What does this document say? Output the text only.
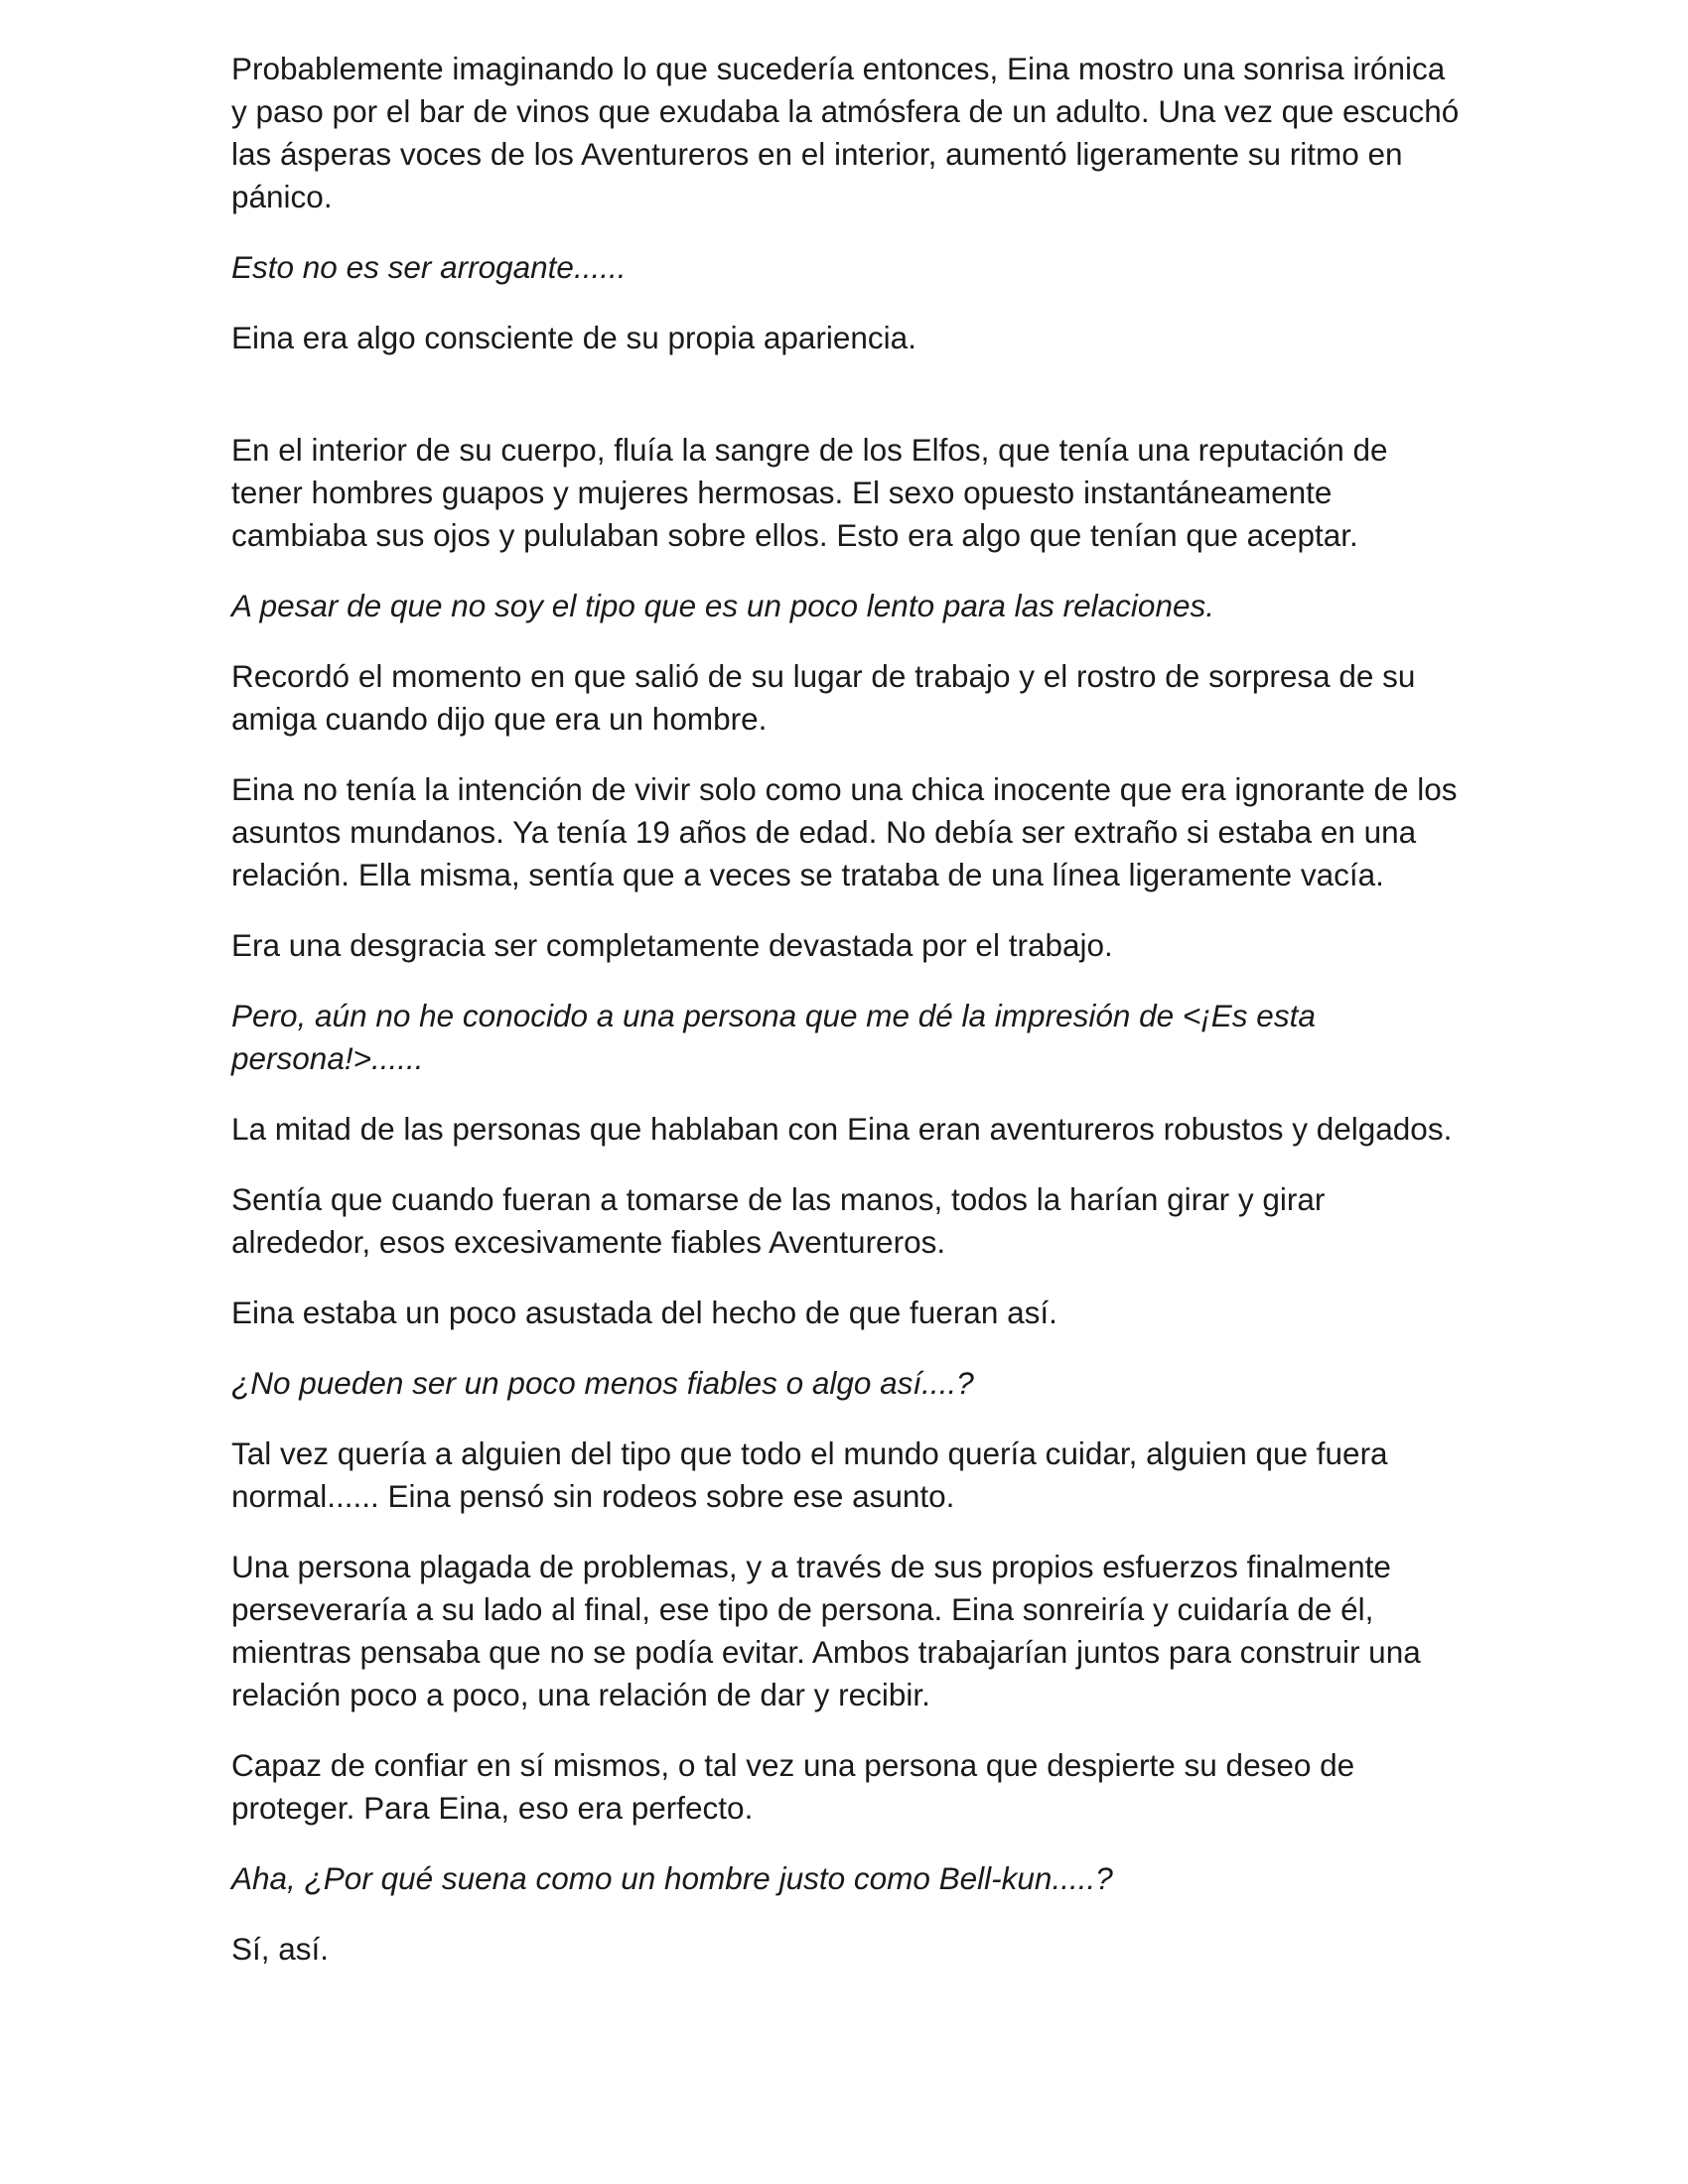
Probablemente imaginando lo que sucedería entonces, Eina mostro una sonrisa irónica y paso por el bar de vinos que exudaba la atmósfera de un adulto. Una vez que escuchó las ásperas voces de los Aventureros en el interior, aumentó ligeramente su ritmo en pánico.

Esto no es ser arrogante......

Eina era algo consciente de su propia apariencia.

En el interior de su cuerpo, fluía la sangre de los Elfos, que tenía una reputación de tener hombres guapos y mujeres hermosas. El sexo opuesto instantáneamente cambiaba sus ojos y pululaban sobre ellos. Esto era algo que tenían que aceptar.

A pesar de que no soy el tipo que es un poco lento para las relaciones.

Recordó el momento en que salió de su lugar de trabajo y el rostro de sorpresa de su amiga cuando dijo que era un hombre.

Eina no tenía la intención de vivir solo como una chica inocente que era ignorante de los asuntos mundanos. Ya tenía 19 años de edad. No debía ser extraño si estaba en una relación. Ella misma, sentía que a veces se trataba de una línea ligeramente vacía.

Era una desgracia ser completamente devastada por el trabajo.

Pero, aún no he conocido a una persona que me dé la impresión de <¡Es esta persona!>......

La mitad de las personas que hablaban con Eina eran aventureros robustos y delgados.

Sentía que cuando fueran a tomarse de las manos, todos la harían girar y girar alrededor, esos excesivamente fiables Aventureros.

Eina estaba un poco asustada del hecho de que fueran así.

¿No pueden ser un poco menos fiables o algo así....?

Tal vez quería a alguien del tipo que todo el mundo quería cuidar, alguien que fuera normal...... Eina pensó sin rodeos sobre ese asunto.

Una persona plagada de problemas, y a través de sus propios esfuerzos finalmente perseveraría a su lado al final, ese tipo de persona. Eina sonreiría y cuidaría de él, mientras pensaba que no se podía evitar. Ambos trabajarían juntos para construir una relación poco a poco, una relación de dar y recibir.

Capaz de confiar en sí mismos, o tal vez una persona que despierte su deseo de proteger. Para Eina, eso era perfecto.

Aha, ¿Por qué suena como un hombre justo como Bell-kun.....?

Sí, así.
